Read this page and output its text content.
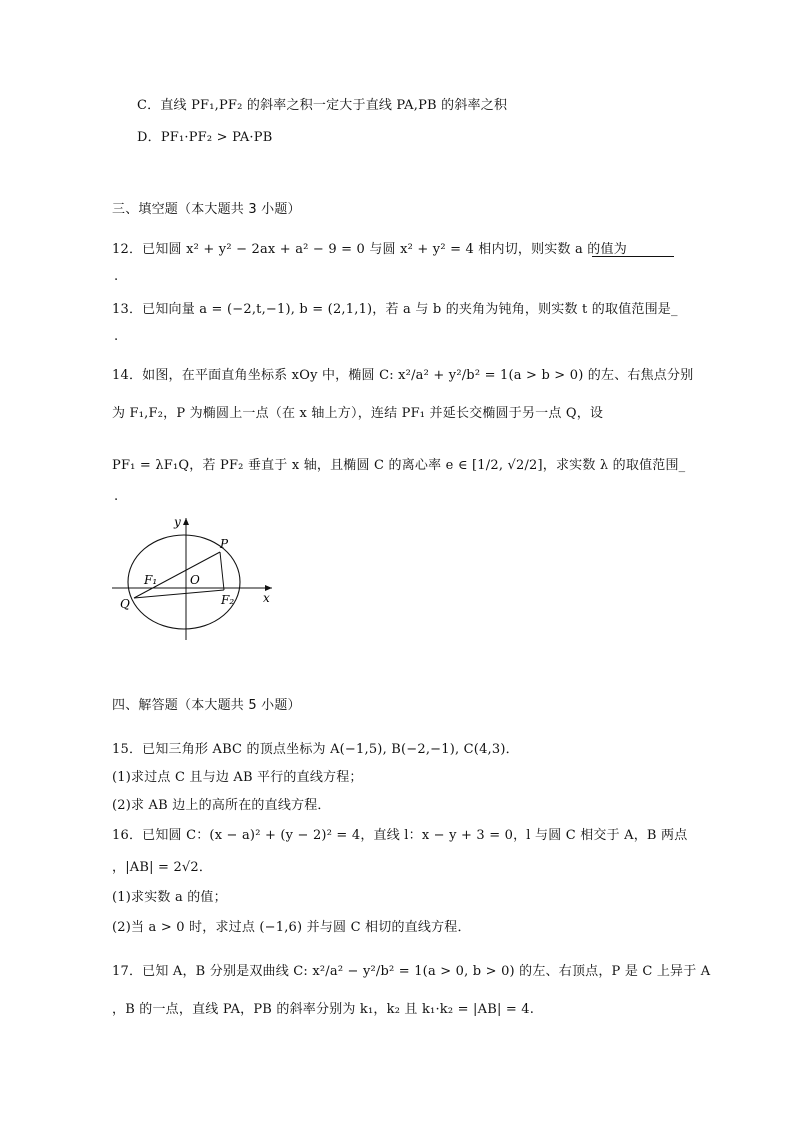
C．直线 PF₁,PF₂ 的斜率之积一定大于直线 PA,PB 的斜率之积
D．PF₁·PF₂ > PA·PB
三、填空题（本大题共 3 小题）
12．已知圆 x² + y² − 2ax + a² − 9 = 0 与圆 x² + y² = 4 相内切，则实数 a 的值为
.
13．已知向量 a = (−2,t,−1), b = (2,1,1)，若 a 与 b 的夹角为钝角，则实数 t 的取值范围是_
.
14．如图，在平面直角坐标系 xOy 中，椭圆 C: x²/a² + y²/b² = 1(a > b > 0) 的左、右焦点分别
为 F₁,F₂，P 为椭圆上一点（在 x 轴上方），连结 PF₁ 并延长交椭圆于另一点 Q，设
PF₁ = λF₁Q，若 PF₂ 垂直于 x 轴，且椭圆 C 的离心率 e ∈ [1/2, √2/2]，求实数 λ 的取值范围_
.
y
x
P
O
F₁
F₂
Q
四、解答题（本大题共 5 小题）
15．已知三角形 ABC 的顶点坐标为 A(−1,5), B(−2,−1), C(4,3)．
(1)求过点 C 且与边 AB 平行的直线方程；
(2)求 AB 边上的高所在的直线方程．
16．已知圆 C：(x − a)² + (y − 2)² = 4，直线 l：x − y + 3 = 0，l 与圆 C 相交于 A，B 两点
，|AB| = 2√2．
(1)求实数 a 的值；
(2)当 a > 0 时，求过点 (−1,6) 并与圆 C 相切的直线方程．
17．已知 A，B 分别是双曲线 C: x²/a² − y²/b² = 1(a > 0, b > 0) 的左、右顶点，P 是 C 上异于 A
，B 的一点，直线 PA，PB 的斜率分别为 k₁，k₂ 且 k₁·k₂ = |AB| = 4.
